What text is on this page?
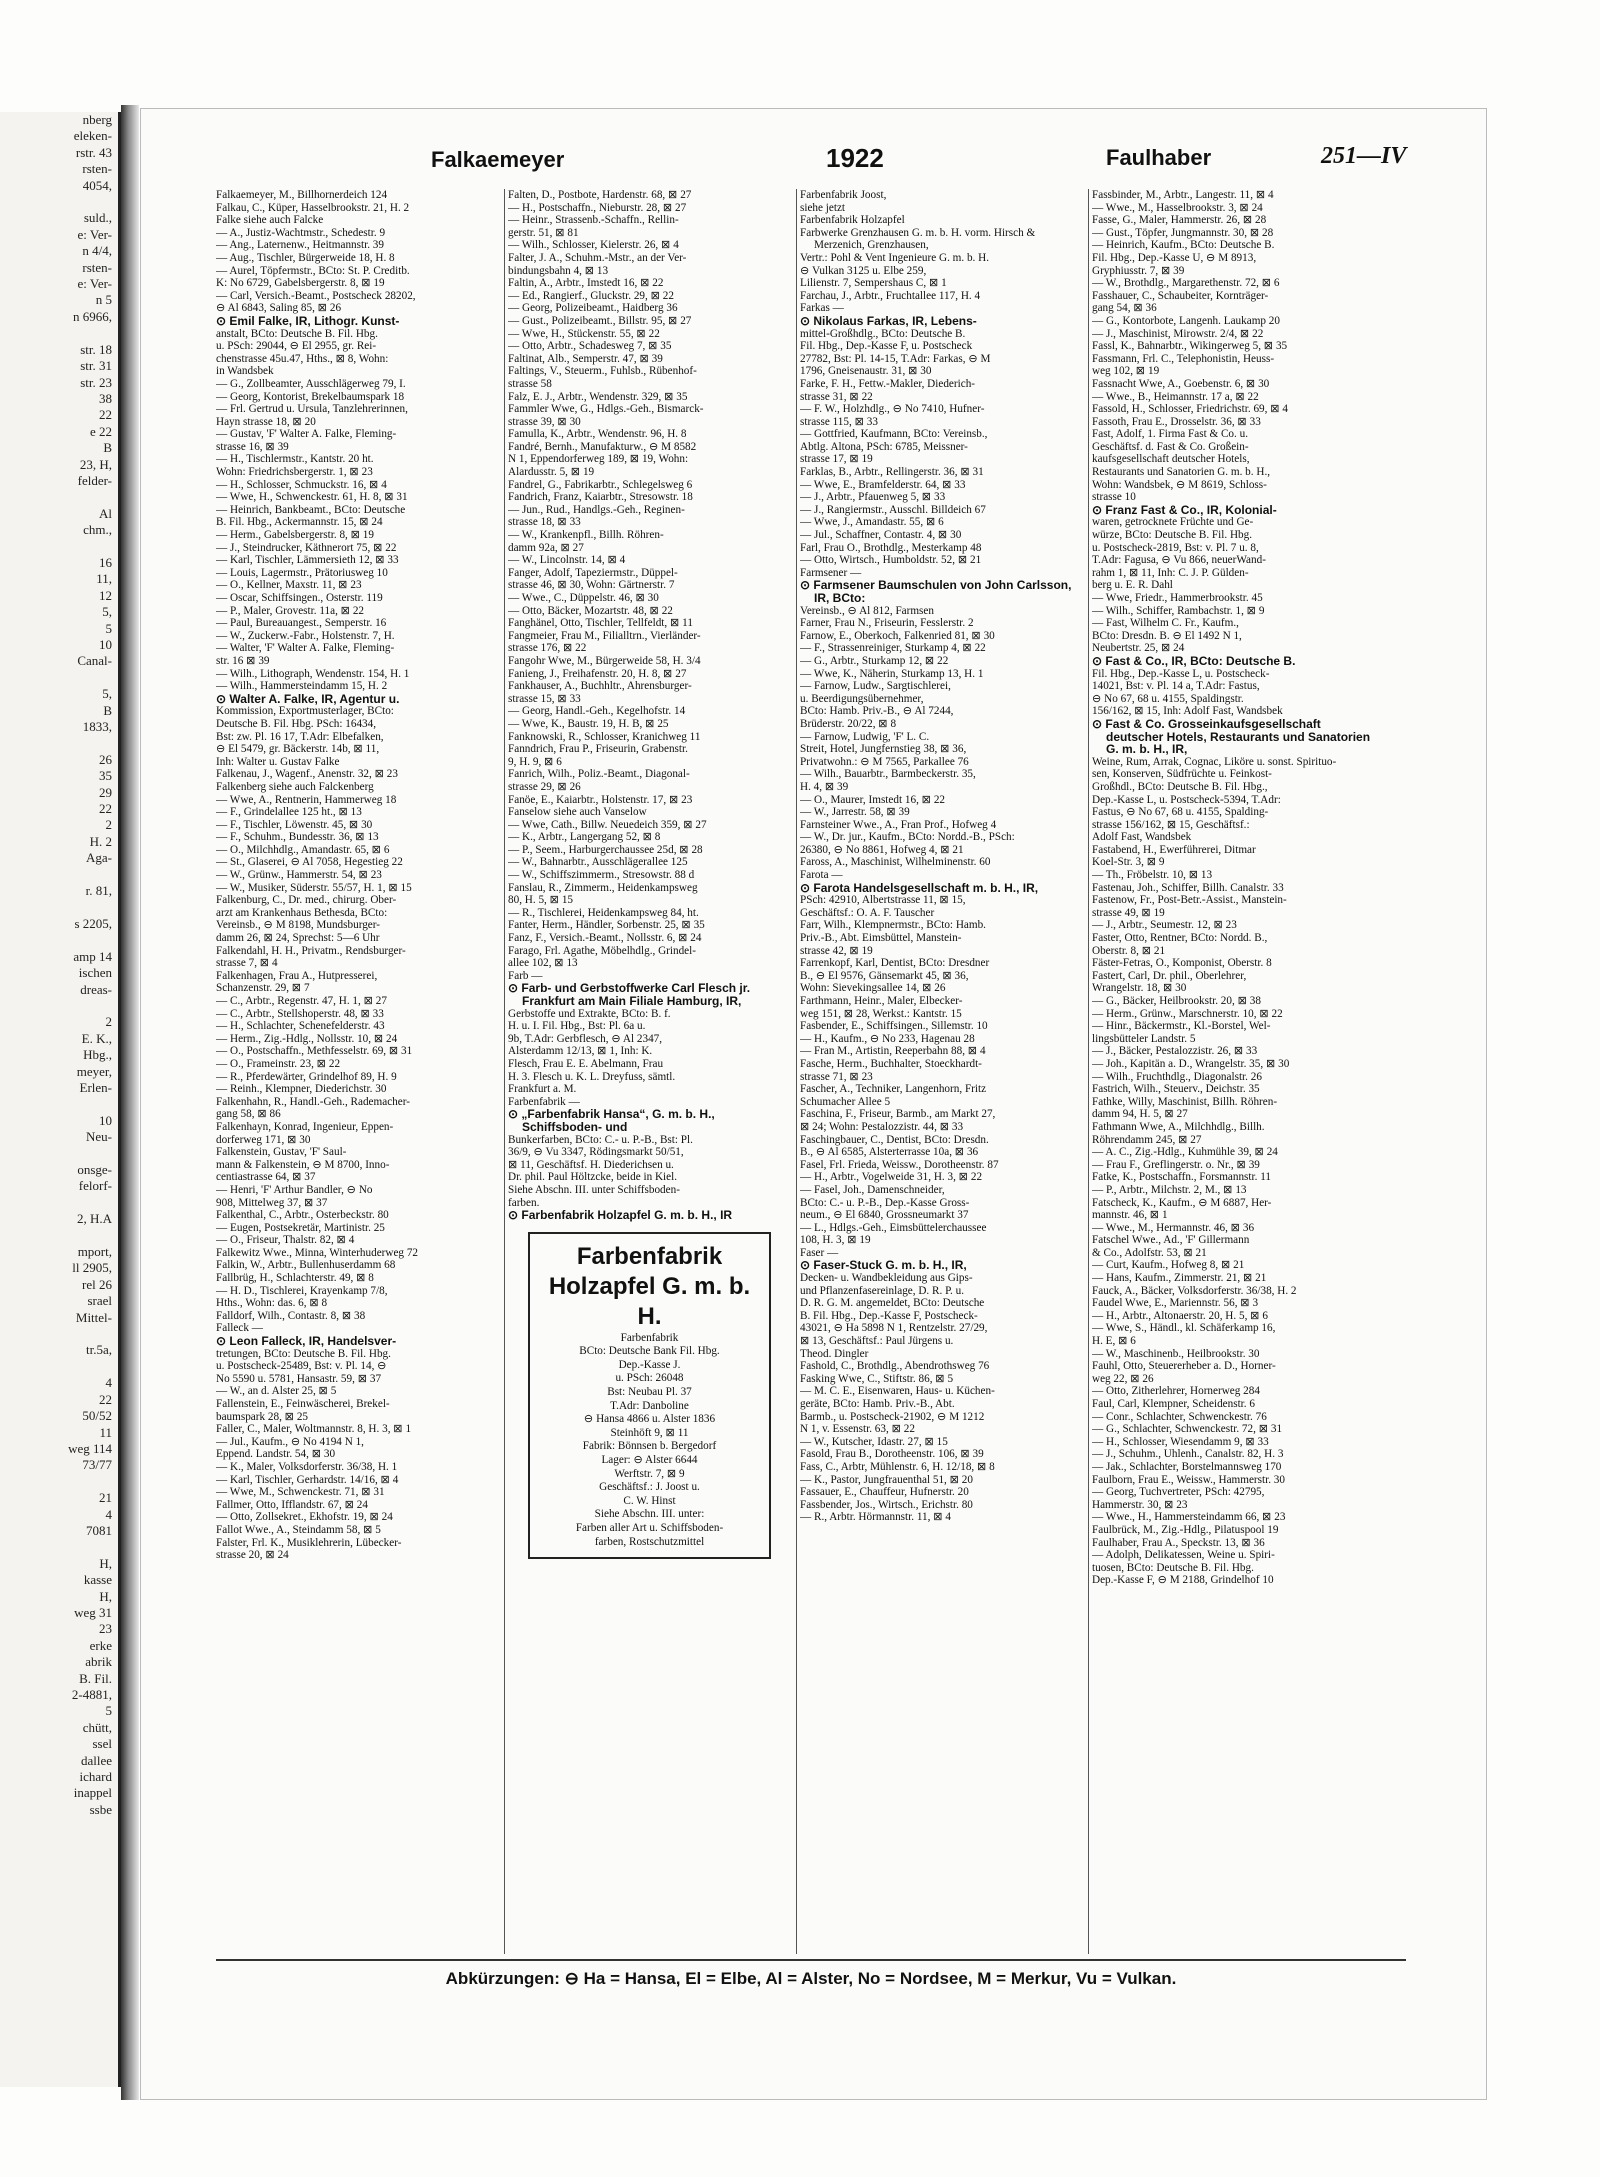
nberg
eleken-
rstr. 43
rsten-
4054,

suld.,
e: Ver-
n 4/4,
rsten-
e: Ver-
n 5
n 6966,

str. 18
str. 31
str. 23
38
22
e 22
B
23, H,
felder-

Al
chm.,

16
11,
12
5,
5
10
Canal-

5,
B
1833,

26
35
29
22
2
H. 2
Aga-

r. 81,

s 2205,

amp 14
ischen
dreas-

2
E. K.,
Hbg.,
meyer,
Erlen-

10
Neu-

onsge-
felorf-

2, H.A

mport,
ll 2905,
rel 26
srael
Mittel-

tr.5a,

4
22
50/52
11
weg 114
73/77

21
4
7081

H,
kasse
H,
weg 31
23
erke
abrik
B. Fil.
2-4881,
5
chütt,
ssel
dallee
ichard
inappel
ssbe
Falkaemeyer	1922	Faulhaber	251—IV

Falkaemeyer, M., Billhornerdeich 124

Falkau, C., Küper, Hasselbrookstr. 21, H. 2

Falke siehe auch Falcke

— A., Justiz-Wachtmstr., Schedestr. 9

— Ang., Laternenw., Heitmannstr. 39

— Aug., Tischler, Bürgerweide 18, H. 8

— Aurel, Töpfermstr., BCto: St. P. Creditb.

K: No 6729, Gabelsbergerstr. 8, ⊠ 19

— Carl, Versich.-Beamt., Postscheck 28202,

⊖ Al 6843, Saling 85, ⊠ 26

⊙ Emil Falke, IR, Lithogr. Kunst-

anstalt, BCto: Deutsche B. Fil. Hbg.

u. PSch: 29044, ⊖ El 2955, gr. Rei-

chenstrasse 45u.47, Hths., ⊠ 8, Wohn:

in Wandsbek

— G., Zollbeamter, Ausschlägerweg 79, I.

— Georg, Kontorist, Brekelbaumspark 18

— Frl. Gertrud u. Ursula, Tanzlehrerinnen,

Hayn strasse 18, ⊠ 20

— Gustav, 'F' Walter A. Falke, Fleming-

strasse 16, ⊠ 39

— H., Tischlermstr., Kantstr. 20 ht.

Wohn: Friedrichsbergerstr. 1, ⊠ 23

— H., Schlosser, Schmuckstr. 16, ⊠ 4

— Wwe, H., Schwenckestr. 61, H. 8, ⊠ 31

— Heinrich, Bankbeamt., BCto: Deutsche

B. Fil. Hbg., Ackermannstr. 15, ⊠ 24

— Herm., Gabelsbergerstr. 8, ⊠ 19

— J., Steindrucker, Käthnerort 75, ⊠ 22

— Karl, Tischler, Lämmersieth 12, ⊠ 33

— Louis, Lagermstr., Prätoriusweg 10

— O., Kellner, Maxstr. 11, ⊠ 23

— Oscar, Schiffsingen., Osterstr. 119

— P., Maler, Grovestr. 11a, ⊠ 22

— Paul, Bureauangest., Semperstr. 16

— W., Zuckerw.-Fabr., Holstenstr. 7, H.

— Walter, 'F' Walter A. Falke, Fleming-

str. 16 ⊠ 39

— Wilh., Lithograph, Wendenstr. 154, H. 1

— Wilh., Hammersteindamm 15, H. 2

⊙ Walter A. Falke, IR, Agentur u.

Kommission, Exportmusterlager, BCto:

Deutsche B. Fil. Hbg. PSch: 16434,

Bst: zw. Pl. 16 17, T.Adr: Elbefalken,

⊖ El 5479, gr. Bäckerstr. 14b, ⊠ 11,

Inh: Walter u. Gustav Falke

Falkenau, J., Wagenf., Anenstr. 32, ⊠ 23

Falkenberg siehe auch Falckenberg

— Wwe, A., Rentnerin, Hammerweg 18

— F., Grindelallee 125 ht., ⊠ 13

— F., Tischler, Löwenstr. 45, ⊠ 30

— F., Schuhm., Bundesstr. 36, ⊠ 13

— O., Milchhdlg., Amandastr. 65, ⊠ 6

— St., Glaserei, ⊖ Al 7058, Hegestieg 22

— W., Grünw., Hammerstr. 54, ⊠ 23

— W., Musiker, Süderstr. 55/57, H. 1, ⊠ 15

Falkenburg, C., Dr. med., chirurg. Ober-

arzt am Krankenhaus Bethesda, BCto:

Vereinsb., ⊖ M 8198, Mundsburger-

damm 26, ⊠ 24, Sprechst: 5—6 Uhr

Falkendahl, H. H., Privatm., Rendsburger-

strasse 7, ⊠ 4

Falkenhagen, Frau A., Hutpresserei,

Schanzenstr. 29, ⊠ 7

— C., Arbtr., Regenstr. 47, H. 1, ⊠ 27

— C., Arbtr., Stellshoperstr. 48, ⊠ 33

— H., Schlachter, Schenefelderstr. 43

— Herm., Zig.-Hdlg., Nollsstr. 10, ⊠ 24

— O., Postschaffn., Methfesselstr. 69, ⊠ 31

— O., Frameinstr. 23, ⊠ 22

— R., Pferdewärter, Grindelhof 89, H. 9

— Reinh., Klempner, Diederichstr. 30

Falkenhahn, R., Handl.-Geh., Rademacher-

gang 58, ⊠ 86

Falkenhayn, Konrad, Ingenieur, Eppen-

dorferweg 171, ⊠ 30

Falkenstein, Gustav, 'F' Saul-

mann & Falkenstein, ⊖ M 8700, Inno-

centiastrasse 64, ⊠ 37

— Henri, 'F' Arthur Bandler, ⊖ No

908, Mittelweg 37, ⊠ 37

Falkenthal, C., Arbtr., Osterbeckstr. 80

— Eugen, Postsekretär, Martinistr. 25

— O., Friseur, Thalstr. 82, ⊠ 4

Falkewitz Wwe., Minna, Winterhuderweg 72

Falkin, W., Arbtr., Bullenhuserdamm 68

Fallbrüg, H., Schlachterstr. 49, ⊠ 8

— H. D., Tischlerei, Krayenkamp 7/8,

Hths., Wohn: das. 6, ⊠ 8

Falldorf, Wilh., Contastr. 8, ⊠ 38

Falleck —

⊙ Leon Falleck, IR, Handelsver-

tretungen, BCto: Deutsche B. Fil. Hbg.

u. Postscheck-25489, Bst: v. Pl. 14, ⊖

No 5590 u. 5781, Hansastr. 59, ⊠ 37

— W., an d. Alster 25, ⊠ 5

Fallenstein, E., Feinwäscherei, Brekel-

baumspark 28, ⊠ 25

Faller, C., Maler, Woltmannstr. 8, H. 3, ⊠ 1

— Jul., Kaufm., ⊖ No 4194 N 1,

Eppend. Landstr. 54, ⊠ 30

— K., Maler, Volksdorferstr. 36/38, H. 1

— Karl, Tischler, Gerhardstr. 14/16, ⊠ 4

— Wwe, M., Schwenckestr. 71, ⊠ 31

Fallmer, Otto, Ifflandstr. 67, ⊠ 24

— Otto, Zollsekret., Ekhofstr. 19, ⊠ 24

Fallot Wwe., A., Steindamm 58, ⊠ 5

Falster, Frl. K., Musiklehrerin, Lübecker-

strasse 20, ⊠ 24

Falten, D., Postbote, Hardenstr. 68, ⊠ 27

— H., Postschaffn., Nieburstr. 28, ⊠ 27

— Heinr., Strassenb.-Schaffn., Rellin-

gerstr. 51, ⊠ 81

— Wilh., Schlosser, Kielerstr. 26, ⊠ 4

Falter, J. A., Schuhm.-Mstr., an der Ver-

bindungsbahn 4, ⊠ 13

Faltin, A., Arbtr., Imstedt 16, ⊠ 22

— Ed., Rangierf., Gluckstr. 29, ⊠ 22

— Georg, Polizeibeamt., Haidberg 36

— Gust., Polizeibeamt., Billstr. 95, ⊠ 27

— Wwe, H., Stückenstr. 55, ⊠ 22

— Otto, Arbtr., Schadesweg 7, ⊠ 35

Faltinat, Alb., Semperstr. 47, ⊠ 39

Faltings, V., Steuerm., Fuhlsb., Rübenhof-

strasse 58

Falz, E. J., Arbtr., Wendenstr. 329, ⊠ 35

Fammler Wwe, G., Hdlgs.-Geh., Bismarck-

strasse 39, ⊠ 30

Famulla, K., Arbtr., Wendenstr. 96, H. 8

Fandré, Bernh., Manufakturw., ⊖ M 8582

N 1, Eppendorferweg 189, ⊠ 19, Wohn:

Alardusstr. 5, ⊠ 19

Fandrel, G., Fabrikarbtr., Schlegelsweg 6

Fandrich, Franz, Kaiarbtr., Stresowstr. 18

— Jun., Rud., Handlgs.-Geh., Reginen-

strasse 18, ⊠ 33

— W., Krankenpfl., Billh. Röhren-

damm 92a, ⊠ 27

— W., Lincolnstr. 14, ⊠ 4

Fanger, Adolf, Tapeziermstr., Düppel-

strasse 46, ⊠ 30, Wohn: Gärtnerstr. 7

— Wwe., C., Düppelstr. 46, ⊠ 30

— Otto, Bäcker, Mozartstr. 48, ⊠ 22

Fanghänel, Otto, Tischler, Tellfeldt, ⊠ 11

Fangmeier, Frau M., Filialltrn., Vierländer-

strasse 176, ⊠ 22

Fangohr Wwe, M., Bürgerweide 58, H. 3/4

Fanieng, J., Freihafenstr. 20, H. 8, ⊠ 27

Fankhauser, A., Buchhltr., Ahrensburger-

strasse 15, ⊠ 33

— Georg, Handl.-Geh., Kegelhofstr. 14

— Wwe, K., Baustr. 19, H. B, ⊠ 25

Fanknowski, R., Schlosser, Kranichweg 11

Fanndrich, Frau P., Friseurin, Grabenstr.

9, H. 9, ⊠ 6

Fanrich, Wilh., Poliz.-Beamt., Diagonal-

strasse 29, ⊠ 26

Fanöe, E., Kaiarbtr., Holstenstr. 17, ⊠ 23

Fanselow siehe auch Vanselow

— Wwe, Cath., Billw. Neuedeich 359, ⊠ 27

— K., Arbtr., Langergang 52, ⊠ 8

— P., Seem., Harburgerchaussee 25d, ⊠ 28

— W., Bahnarbtr., Ausschlägerallee 125

— W., Schiffszimmerm., Stresowstr. 88 d

Fanslau, R., Zimmerm., Heidenkampsweg

80, H. 5, ⊠ 15

— R., Tischlerei, Heidenkampsweg 84, ht.

Fanter, Herm., Händler, Sorbenstr. 25, ⊠ 35

Fanz, F., Versich.-Beamt., Nollsstr. 6, ⊠ 24

Farago, Frl. Agathe, Möbelhdlg., Grindel-

allee 102, ⊠ 13

Farb —

⊙ Farb- und Gerbstoffwerke Carl Flesch jr. Frankfurt am Main Filiale Hamburg, IR,

Gerbstoffe und Extrakte, BCto: B. f.

H. u. I. Fil. Hbg., Bst: Pl. 6a u.

9b, T.Adr: Gerbflesch, ⊖ Al 2347,

Alsterdamm 12/13, ⊠ 1, Inh: K.

Flesch, Frau E. E. Abelmann, Frau

H. 3. Flesch u. K. L. Dreyfuss, sämtl.

Frankfurt a. M.

Farbenfabrik —

⊙ „Farbenfabrik Hansa“, G. m. b. H., Schiffsboden- und

Bunkerfarben, BCto: C.- u. P.-B., Bst: Pl.

36/9, ⊖ Vu 3347, Rödingsmarkt 50/51,

⊠ 11, Geschäftsf. H. Diederichsen u.

Dr. phil. Paul Höltzcke, beide in Kiel.

Siehe Abschn. III. unter Schiffsboden-

farben.

⊙ Farbenfabrik Holzapfel G. m. b. H., IR

Farbenfabrik
Holzapfel G. m. b. H.
Farbenfabrik
BCto: Deutsche Bank Fil. Hbg.
Dep.-Kasse J.
u. PSch: 26048
Bst: Neubau Pl. 37
T.Adr: Danboline
⊖ Hansa 4866 u. Alster 1836
Steinhöft 9, ⊠ 11
Fabrik: Bönnsen b. Bergedorf
Lager: ⊖ Alster 6644
Werftstr. 7, ⊠ 9
Geschäftsf.: J. Joost u.
C. W. Hinst
Siehe Abschn. III. unter:
Farben aller Art u. Schiffsboden-
farben, Rostschutzmittel

Farbenfabrik Joost,

siehe jetzt

Farbenfabrik Holzapfel

Farbwerke Grenzhausen G. m. b. H. vorm. Hirsch & Merzenich, Grenzhausen,

Vertr.: Pohl & Vent Ingenieure G. m. b. H.

⊖ Vulkan 3125 u. Elbe 259,

Lilienstr. 7, Sempershaus C, ⊠ 1

Farchau, J., Arbtr., Fruchtallee 117, H. 4

Farkas —

⊙ Nikolaus Farkas, IR, Lebens-

mittel-Großhdlg., BCto: Deutsche B.

Fil. Hbg., Dep.-Kasse F, u. Postscheck

27782, Bst: Pl. 14-15, T.Adr: Farkas, ⊖ M

1796, Gneisenaustr. 31, ⊠ 30

Farke, F. H., Fettw.-Makler, Diederich-

strasse 31, ⊠ 22

— F. W., Holzhdlg., ⊖ No 7410, Hufner-

strasse 115, ⊠ 33

— Gottfried, Kaufmann, BCto: Vereinsb.,

Abtlg. Altona, PSch: 6785, Meissner-

strasse 17, ⊠ 19

Farklas, B., Arbtr., Rellingerstr. 36, ⊠ 31

— Wwe, E., Bramfelderstr. 64, ⊠ 33

— J., Arbtr., Pfauenweg 5, ⊠ 33

— J., Rangiermstr., Ausschl. Billdeich 67

— Wwe, J., Amandastr. 55, ⊠ 6

— Jul., Schaffner, Contastr. 4, ⊠ 30

Farl, Frau O., Brothdlg., Mesterkamp 48

— Otto, Wirtsch., Humboldstr. 52, ⊠ 21

Farmsener —

⊙ Farmsener Baumschulen von John Carlsson, IR, BCto:

Vereinsb., ⊖ Al 812, Farmsen

Farner, Frau N., Friseurin, Fesslerstr. 2

Farnow, E., Oberkoch, Falkenried 81, ⊠ 30

— F., Strassenreiniger, Sturkamp 4, ⊠ 22

— G., Arbtr., Sturkamp 12, ⊠ 22

— Wwe, K., Näherin, Sturkamp 13, H. 1

— Farnow, Ludw., Sargtischlerei,

u. Beerdigungsübernehmer,

BCto: Hamb. Priv.-B., ⊖ Al 7244,

Brüderstr. 20/22, ⊠ 8

— Farnow, Ludwig, 'F' L. C.

Streit, Hotel, Jungfernstieg 38, ⊠ 36,

Privatwohn.: ⊖ M 7565, Parkallee 76

— Wilh., Bauarbtr., Barmbeckerstr. 35,

H. 4, ⊠ 39

— O., Maurer, Imstedt 16, ⊠ 22

— W., Jarrestr. 58, ⊠ 39

Farnsteiner Wwe., A., Fran Prof., Hofweg 4

— W., Dr. jur., Kaufm., BCto: Nordd.-B., PSch:

26380, ⊖ No 8861, Hofweg 4, ⊠ 21

Faross, A., Maschinist, Wilhelminenstr. 60

Farota —

⊙ Farota Handelsgesellschaft m. b. H., IR,

PSch: 42910, Albertstrasse 11, ⊠ 15,

Geschäftsf.: O. A. F. Tauscher

Farr, Wilh., Klempnermstr., BCto: Hamb.

Priv.-B., Abt. Eimsbüttel, Manstein-

strasse 42, ⊠ 19

Farrenkopf, Karl, Dentist, BCto: Dresdner

B., ⊖ El 9576, Gänsemarkt 45, ⊠ 36,

Wohn: Sievekingsallee 14, ⊠ 26

Farthmann, Heinr., Maler, Elbecker-

weg 151, ⊠ 28, Werkst.: Kantstr. 15

Fasbender, E., Schiffsingen., Sillemstr. 10

— H., Kaufm., ⊖ No 233, Hagenau 28

— Fran M., Artistin, Reeperbahn 88, ⊠ 4

Fasche, Herm., Buchhalter, Stoeckhardt-

strasse 71, ⊠ 23

Fascher, A., Techniker, Langenhorn, Fritz

Schumacher Allee 5

Faschina, F., Friseur, Barmb., am Markt 27,

⊠ 24; Wohn: Pestalozzistr. 44, ⊠ 33

Faschingbauer, C., Dentist, BCto: Dresdn.

B., ⊖ Al 6585, Alsterterrasse 10a, ⊠ 36

Fasel, Frl. Frieda, Weissw., Dorotheenstr. 87

— H., Arbtr., Vogelweide 31, H. 3, ⊠ 22

— Fasel, Joh., Damenschneider,

BCto: C.- u. P.-B., Dep.-Kasse Gross-

neum., ⊖ El 6840, Grossneumarkt 37

— L., Hdlgs.-Geh., Eimsbüttelerchaussee

108, H. 3, ⊠ 19

Faser —

⊙ Faser-Stuck G. m. b. H., IR,

Decken- u. Wandbekleidung aus Gips-

und Pflanzenfasereinlage, D. R. P. u.

D. R. G. M. angemeldet, BCto: Deutsche

B. Fil. Hbg., Dep.-Kasse F, Postscheck-

43021, ⊖ Ha 5898 N 1, Rentzelstr. 27/29,

⊠ 13, Geschäftsf.: Paul Jürgens u.

Theod. Dingler

Fashold, C., Brothdlg., Abendrothsweg 76

Fasking Wwe, C., Stiftstr. 86, ⊠ 5

— M. C. E., Eisenwaren, Haus- u. Küchen-

geräte, BCto: Hamb. Priv.-B., Abt.

Barmb., u. Postscheck-21902, ⊖ M 1212

N 1, v. Essenstr. 63, ⊠ 22

— W., Kutscher, Idastr. 27, ⊠ 15

Fasold, Frau B., Dorotheenstr. 106, ⊠ 39

Fass, C., Arbtr, Mühlenstr. 6, H. 12/18, ⊠ 8

— K., Pastor, Jungfrauenthal 51, ⊠ 20

Fassauer, E., Chauffeur, Hufnerstr. 20

Fassbender, Jos., Wirtsch., Erichstr. 80

— R., Arbtr. Hörmannstr. 11, ⊠ 4

Fassbinder, M., Arbtr., Langestr. 11, ⊠ 4

— Wwe., M., Hasselbrookstr. 3, ⊠ 24

Fasse, G., Maler, Hammerstr. 26, ⊠ 28

— Gust., Töpfer, Jungmannstr. 30, ⊠ 28

— Heinrich, Kaufm., BCto: Deutsche B.

Fil. Hbg., Dep.-Kasse U, ⊖ M 8913,

Gryphiusstr. 7, ⊠ 39

— W., Brothdlg., Margarethenstr. 72, ⊠ 6

Fasshauer, C., Schaubeiter, Kornträger-

gang 54, ⊠ 36

— G., Kontorbote, Langenh. Laukamp 20

— J., Maschinist, Mirowstr. 2/4, ⊠ 22

Fassl, K., Bahnarbtr., Wikingerweg 5, ⊠ 35

Fassmann, Frl. C., Telephonistin, Heuss-

weg 102, ⊠ 19

Fassnacht Wwe, A., Goebenstr. 6, ⊠ 30

— Wwe., B., Heimannstr. 17 a, ⊠ 22

Fassold, H., Schlosser, Friedrichstr. 69, ⊠ 4

Fassoth, Frau E., Drosselstr. 36, ⊠ 33

Fast, Adolf, 1. Firma Fast & Co. u.

Geschäftsf. d. Fast & Co. Großein-

kaufsgesellschaft deutscher Hotels,

Restaurants und Sanatorien G. m. b. H.,

Wohn: Wandsbek, ⊖ M 8619, Schloss-

strasse 10

⊙ Franz Fast & Co., IR, Kolonial-

waren, getrocknete Früchte und Ge-

würze, BCto: Deutsche B. Fil. Hbg.

u. Postscheck-2819, Bst: v. Pl. 7 u. 8,

T.Adr: Fagusa, ⊖ Vu 866, neuerWand-

rahm 1, ⊠ 11, Inh: C. J. P. Gülden-

berg u. E. R. Dahl

— Wwe, Friedr., Hammerbrookstr. 45

— Wilh., Schiffer, Rambachstr. 1, ⊠ 9

— Fast, Wilhelm C. Fr., Kaufm.,

BCto: Dresdn. B. ⊖ El 1492 N 1,

Neubertstr. 25, ⊠ 24

⊙ Fast & Co., IR, BCto: Deutsche B.

Fil. Hbg., Dep.-Kasse L, u. Postscheck-

14021, Bst: v. Pl. 14 a, T.Adr: Fastus,

⊖ No 67, 68 u. 4155, Spaldingstr.

156/162, ⊠ 15, Inh: Adolf Fast, Wandsbek

⊙ Fast & Co. Grosseinkaufsgesellschaft deutscher Hotels, Restaurants und Sanatorien G. m. b. H., IR,

Weine, Rum, Arrak, Cognac, Liköre u. sonst. Spirituo-

sen, Konserven, Südfrüchte u. Feinkost-

Großhdl., BCto: Deutsche B. Fil. Hbg.,

Dep.-Kasse L, u. Postscheck-5394, T.Adr:

Fastus, ⊖ No 67, 68 u. 4155, Spalding-

strasse 156/162, ⊠ 15, Geschäftsf.:

Adolf Fast, Wandsbek

Fastabend, H., Ewerführerei, Ditmar

Koel-Str. 3, ⊠ 9

— Th., Fröbelstr. 10, ⊠ 13

Fastenau, Joh., Schiffer, Billh. Canalstr. 33

Fastenow, Fr., Post-Betr.-Assist., Manstein-

strasse 49, ⊠ 19

— J., Arbtr., Seumestr. 12, ⊠ 23

Faster, Otto, Rentner, BCto: Nordd. B.,

Oberstr. 8, ⊠ 21

Fäster-Fetras, O., Komponist, Oberstr. 8

Fastert, Carl, Dr. phil., Oberlehrer,

Wrangelstr. 18, ⊠ 30

— G., Bäcker, Heilbrookstr. 20, ⊠ 38

— Herm., Grünw., Marschnerstr. 10, ⊠ 22

— Hinr., Bäckermstr., Kl.-Borstel, Wel-

lingsbütteler Landstr. 5

— J., Bäcker, Pestalozzistr. 26, ⊠ 33

— Joh., Kapitän a. D., Wrangelstr. 35, ⊠ 30

— Wilh., Fruchthdlg., Diagonalstr. 26

Fastrich, Wilh., Steuerv., Deichstr. 35

Fathke, Willy, Maschinist, Billh. Röhren-

damm 94, H. 5, ⊠ 27

Fathmann Wwe, A., Milchhdlg., Billh.

Röhrendamm 245, ⊠ 27

— A. C., Zig.-Hdlg., Kuhmühle 39, ⊠ 24

— Frau F., Greflingerstr. o. Nr., ⊠ 39

Fatke, K., Postschaffn., Forsmannstr. 11

— P., Arbtr., Milchstr. 2, M., ⊠ 13

Fatscheck, K., Kaufm., ⊖ M 6887, Her-

mannstr. 46, ⊠ 1

— Wwe., M., Hermannstr. 46, ⊠ 36

Fatschel Wwe., Ad., 'F' Gillermann

& Co., Adolfstr. 53, ⊠ 21

— Curt, Kaufm., Hofweg 8, ⊠ 21

— Hans, Kaufm., Zimmerstr. 21, ⊠ 21

Fauck, A., Bäcker, Volksdorferstr. 36/38, H. 2

Faudel Wwe, E., Mariennstr. 56, ⊠ 3

— H., Arbtr., Altonaerstr. 20, H. 5, ⊠ 6

— Wwe, S., Händl., kl. Schäferkamp 16,

H. E, ⊠ 6

— W., Maschinenb., Heilbrookstr. 30

Fauhl, Otto, Steuererheber a. D., Horner-

weg 22, ⊠ 26

— Otto, Zitherlehrer, Hornerweg 284

Faul, Carl, Klempner, Scheidenstr. 6

— Conr., Schlachter, Schwenckestr. 76

— G., Schlachter, Schwenckestr. 72, ⊠ 31

— H., Schlosser, Wiesendamm 9, ⊠ 33

— J., Schuhm., Uhlenh., Canalstr. 82, H. 3

— Jak., Schlachter, Borstelmannsweg 170

Faulborn, Frau E., Weissw., Hammerstr. 30

— Georg, Tuchvertreter, PSch: 42795,

Hammerstr. 30, ⊠ 23

— Wwe., H., Hammersteindamm 66, ⊠ 23

Faulbrück, M., Zig.-Hdlg., Pilatuspool 19

Faulhaber, Frau A., Speckstr. 13, ⊠ 36

— Adolph, Delikatessen, Weine u. Spiri-

tuosen, BCto: Deutsche B. Fil. Hbg.

Dep.-Kasse F, ⊖ M 2188, Grindelhof 10

Abkürzungen: ⊖ Ha = Hansa, El = Elbe, Al = Alster, No = Nordsee, M = Merkur, Vu = Vulkan.
